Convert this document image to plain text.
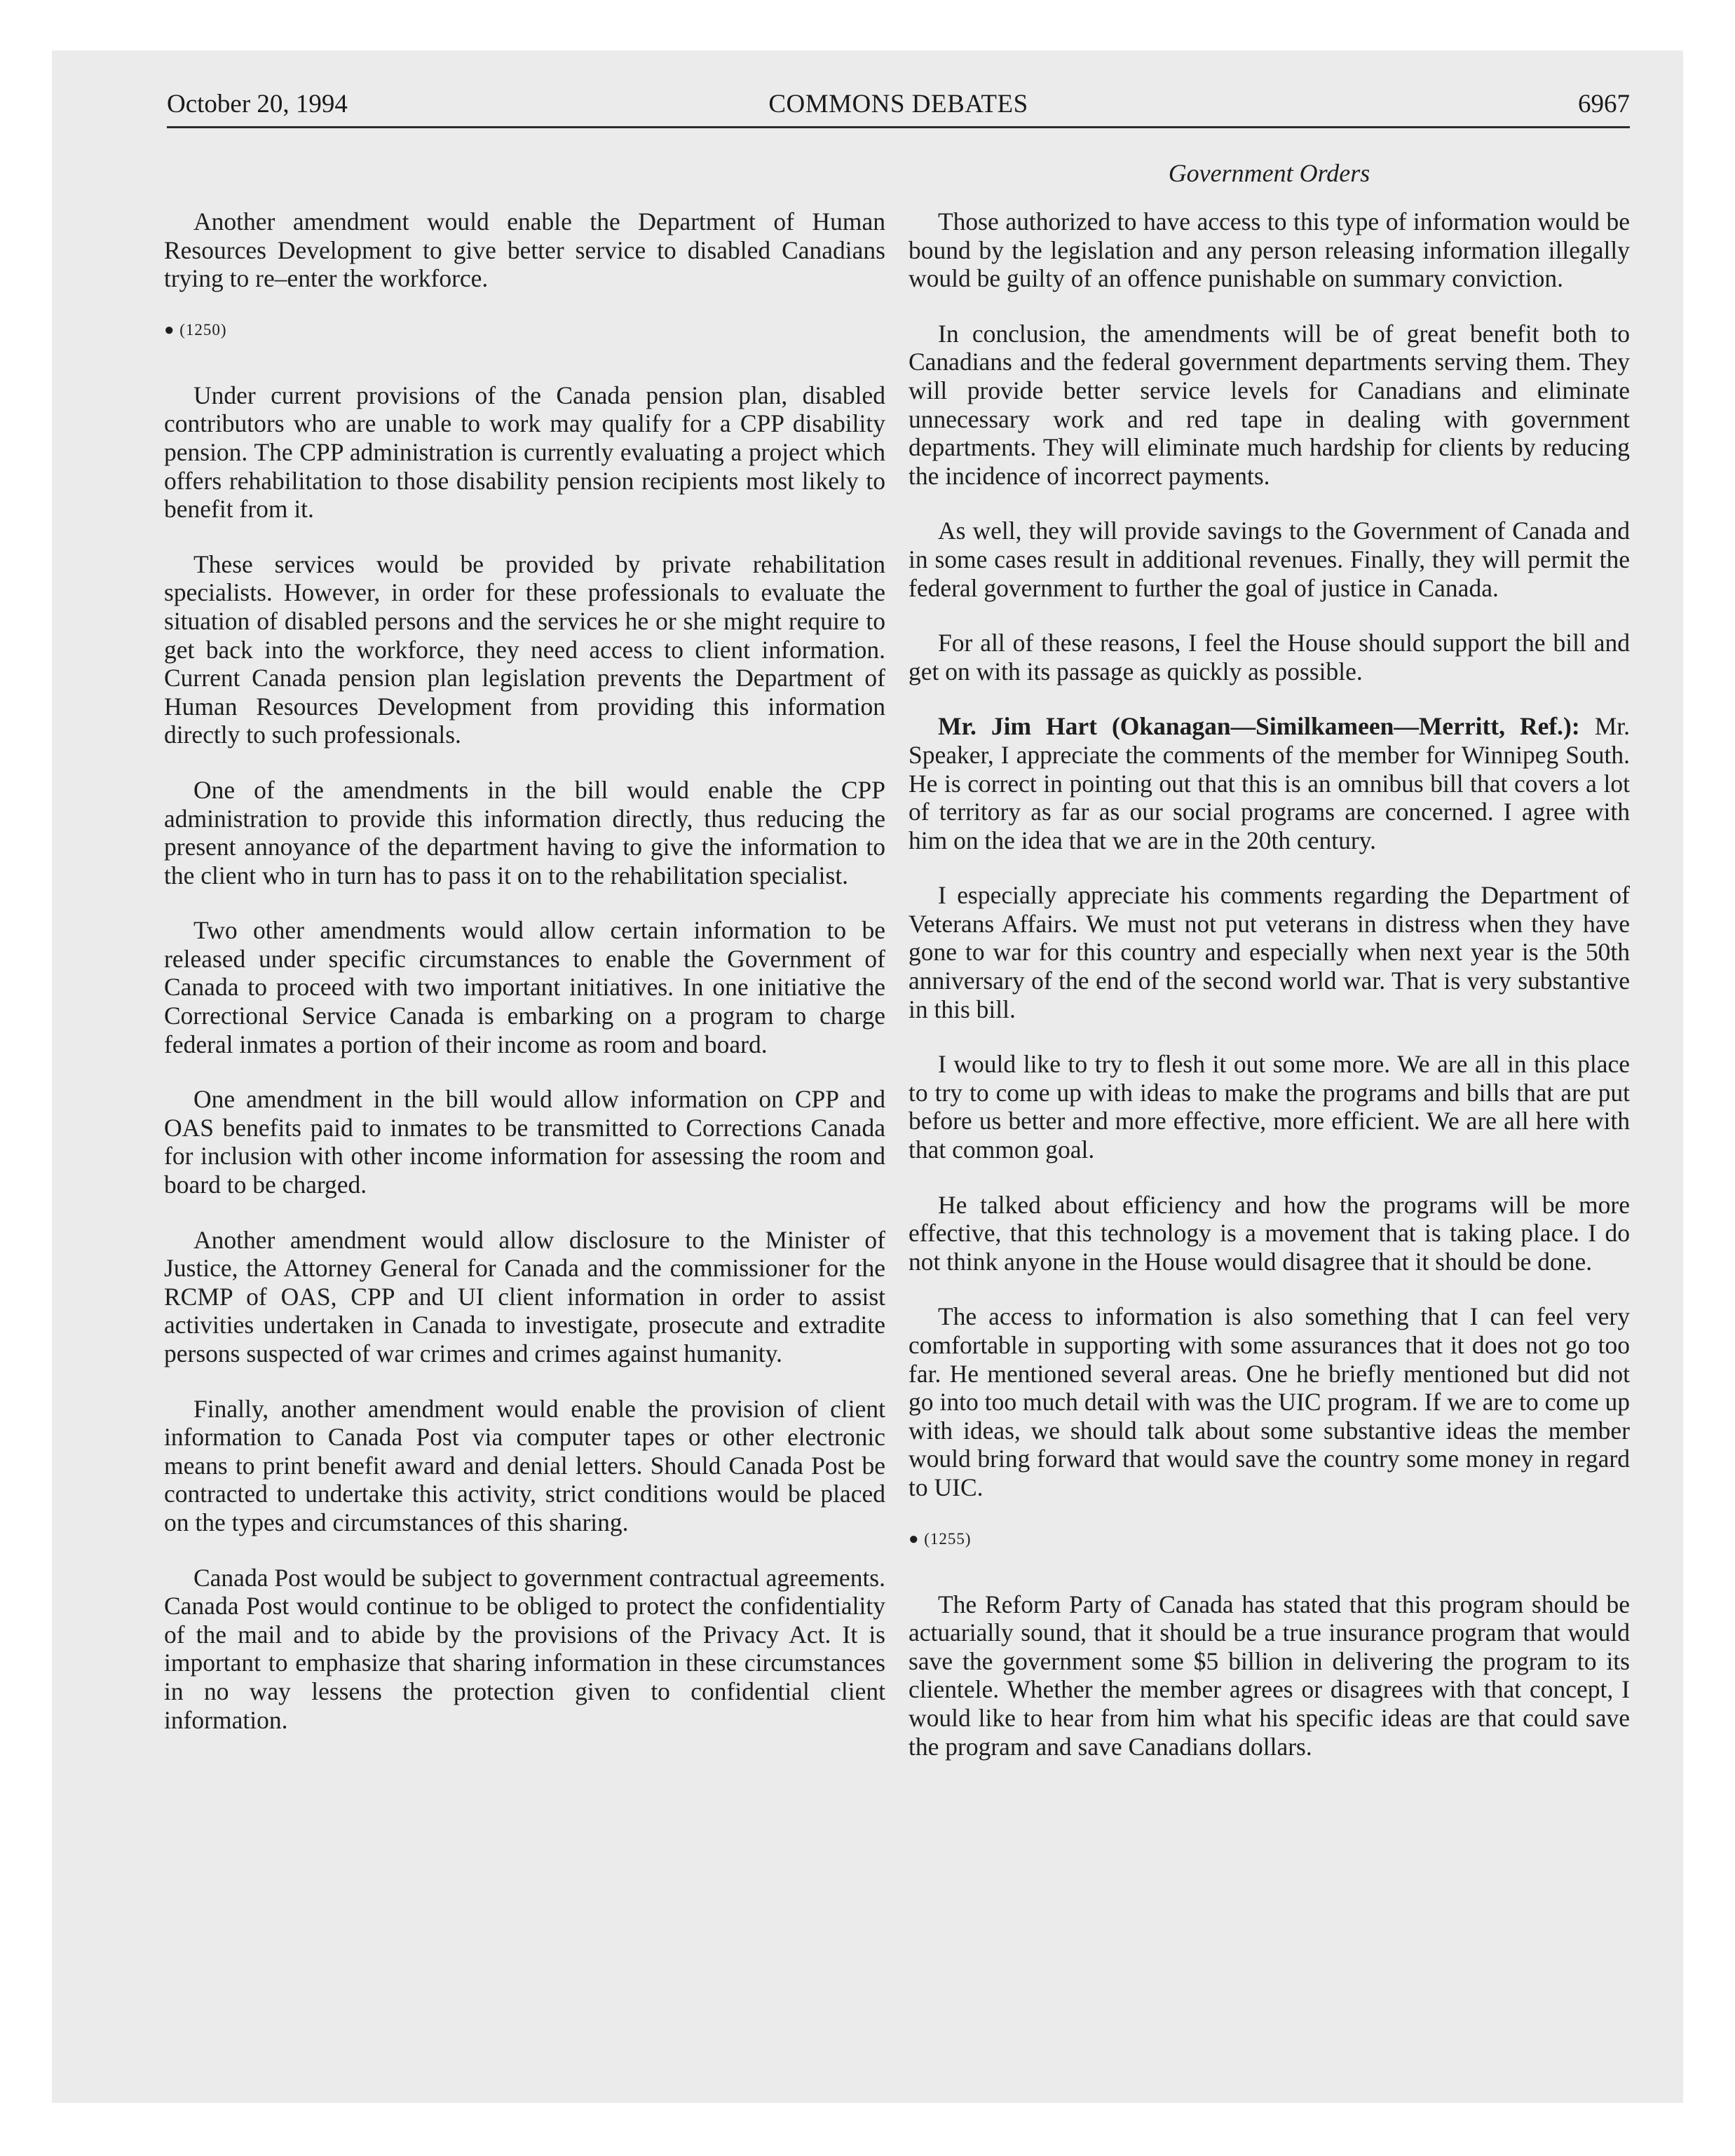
October 20, 1994	COMMONS DEBATES	6967
Government Orders

Another amendment would enable the Department of Human Resources Development to give better service to disabled Canadians trying to re–enter the workforce.

● (1250)

Under current provisions of the Canada pension plan, disabled contributors who are unable to work may qualify for a CPP disability pension. The CPP administration is currently evaluating a project which offers rehabilitation to those disability pension recipients most likely to benefit from it.

These services would be provided by private rehabilitation specialists. However, in order for these professionals to evaluate the situation of disabled persons and the services he or she might require to get back into the workforce, they need access to client information. Current Canada pension plan legislation prevents the Department of Human Resources Development from providing this information directly to such professionals.

One of the amendments in the bill would enable the CPP administration to provide this information directly, thus reducing the present annoyance of the department having to give the information to the client who in turn has to pass it on to the rehabilitation specialist.

Two other amendments would allow certain information to be released under specific circumstances to enable the Government of Canada to proceed with two important initiatives. In one initiative the Correctional Service Canada is embarking on a program to charge federal inmates a portion of their income as room and board.

One amendment in the bill would allow information on CPP and OAS benefits paid to inmates to be transmitted to Corrections Canada for inclusion with other income information for assessing the room and board to be charged.

Another amendment would allow disclosure to the Minister of Justice, the Attorney General for Canada and the commissioner for the RCMP of OAS, CPP and UI client information in order to assist activities undertaken in Canada to investigate, prosecute and extradite persons suspected of war crimes and crimes against humanity.

Finally, another amendment would enable the provision of client information to Canada Post via computer tapes or other electronic means to print benefit award and denial letters. Should Canada Post be contracted to undertake this activity, strict conditions would be placed on the types and circumstances of this sharing.

Canada Post would be subject to government contractual agreements. Canada Post would continue to be obliged to protect the confidentiality of the mail and to abide by the provisions of the Privacy Act. It is important to emphasize that sharing information in these circumstances in no way lessens the protection given to confidential client information.

Those authorized to have access to this type of information would be bound by the legislation and any person releasing information illegally would be guilty of an offence punishable on summary conviction.

In conclusion, the amendments will be of great benefit both to Canadians and the federal government departments serving them. They will provide better service levels for Canadians and eliminate unnecessary work and red tape in dealing with government departments. They will eliminate much hardship for clients by reducing the incidence of incorrect payments.

As well, they will provide savings to the Government of Canada and in some cases result in additional revenues. Finally, they will permit the federal government to further the goal of justice in Canada.

For all of these reasons, I feel the House should support the bill and get on with its passage as quickly as possible.

Mr. Jim Hart (Okanagan—Similkameen—Merritt, Ref.): Mr. Speaker, I appreciate the comments of the member for Winnipeg South. He is correct in pointing out that this is an omnibus bill that covers a lot of territory as far as our social programs are concerned. I agree with him on the idea that we are in the 20th century.

I especially appreciate his comments regarding the Department of Veterans Affairs. We must not put veterans in distress when they have gone to war for this country and especially when next year is the 50th anniversary of the end of the second world war. That is very substantive in this bill.

I would like to try to flesh it out some more. We are all in this place to try to come up with ideas to make the programs and bills that are put before us better and more effective, more efficient. We are all here with that common goal.

He talked about efficiency and how the programs will be more effective, that this technology is a movement that is taking place. I do not think anyone in the House would disagree that it should be done.

The access to information is also something that I can feel very comfortable in supporting with some assurances that it does not go too far. He mentioned several areas. One he briefly mentioned but did not go into too much detail with was the UIC program. If we are to come up with ideas, we should talk about some substantive ideas the member would bring forward that would save the country some money in regard to UIC.

● (1255)

The Reform Party of Canada has stated that this program should be actuarially sound, that it should be a true insurance program that would save the government some $5 billion in delivering the program to its clientele. Whether the member agrees or disagrees with that concept, I would like to hear from him what his specific ideas are that could save the program and save Canadians dollars.
